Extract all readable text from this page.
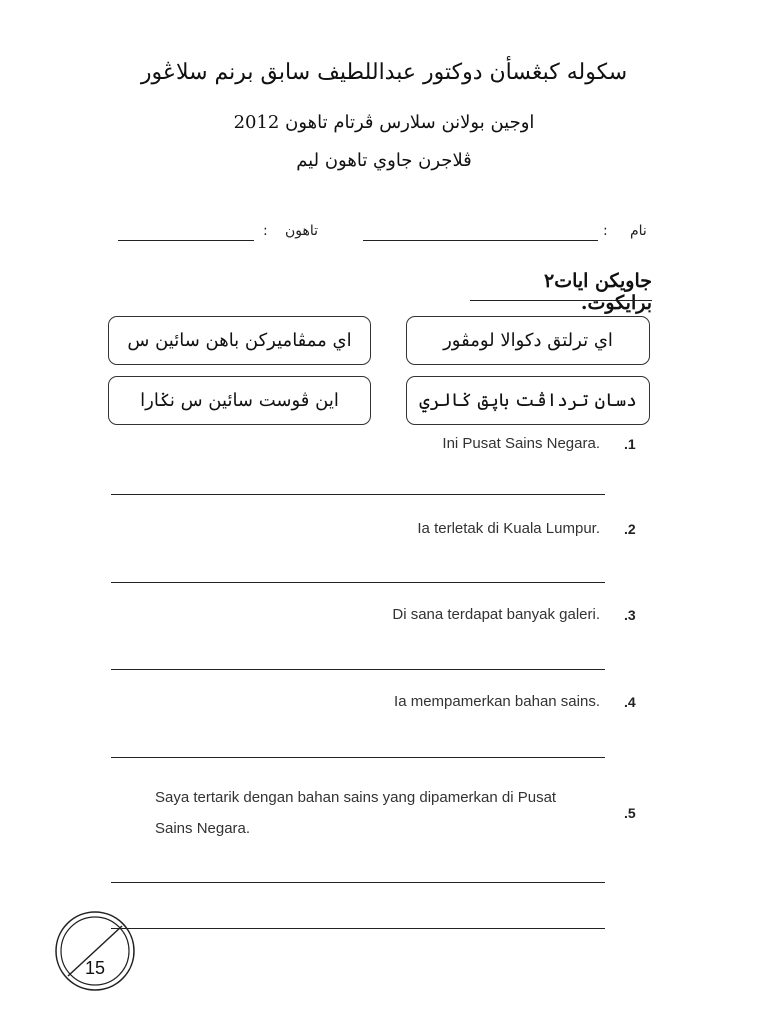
سکوله کبڠسأن دوکتور عبداللطيف سابق برنم سلاڠور
اوجين بولانن سلارس ڤرتام تاهون 2012
ڤلاجرن جاوي تاهون ليم
نام
:
تاهون
:
جاويکن ايات٢ برايکوت.
اي ترلتق دکوالا لومڤور
اي ممڤاميرکن باهن سائين س
دسان ترداڤت باڽق ݢالري
اين ڤوست سائين س نݢارا
Ini Pusat Sains Negara. .1
Ia terletak di Kuala Lumpur. .2
Di sana terdapat banyak galeri. .3
Ia mempamerkan bahan sains. .4
Saya tertarik dengan bahan sains yang dipamerkan di Pusat
Sains Negara.
.5
15
